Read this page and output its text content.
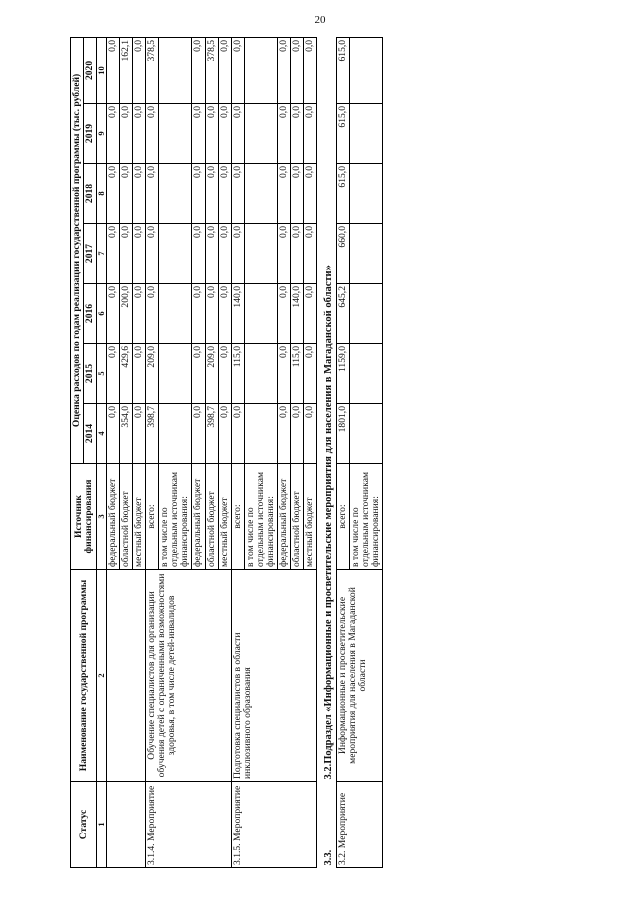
20
Статус	Наименование государственной программы	Источник финансирования	Оценка расходов по годам реализации государственной программы (тыс. рублей)						
			2014	2015	2016	2017	2018	2019	2020
1	2	3	4	5	6	7	8	9	10
		федеральный бюджет	0,0	0,0	0,0	0,0	0,0	0,0	0,0
		областной бюджет	354,0	429,6	200,0	0,0	0,0	0,0	162,1
		местный бюджет	0,0	0,0	0,0	0,0	0,0	0,0	0,0
3.1.4. Мероприятие	Обучение специалистов для организации обучения детей с ограниченными возможностями здоровья, в том числе детей-инвалидов	всего:	398,7	209,0	0,0	0,0	0,0	0,0	378,5
		в том числе по отдельным источникам финансирования:							
		федеральный бюджет	0,0	0,0	0,0	0,0	0,0	0,0	0,0
		областной бюджет	398,7	209,0	0,0	0,0	0,0	0,0	378,5
		местный бюджет	0,0	0,0	0,0	0,0	0,0	0,0	0,0
3.1.5. Мероприятие	Подготовка специалистов в области инклюзивного образования	всего:	0,0	115,0	140,0	0,0	0,0	0,0	0,0
		в том числе по отдельным источникам финансирования:							
		федеральный бюджет	0,0	0,0	0,0	0,0	0,0	0,0	0,0
		областной бюджет	0,0	115,0	140,0	0,0	0,0	0,0	0,0
		местный бюджет	0,0	0,0	0,0	0,0	0,0	0,0	0,0
3.3.	3.2.Подраздел «Информационные и просветительские мероприятия для населения в Магаданской области»								
3.2. Мероприятие	Информационные и просветительские мероприятия для населения в Магаданской области	всего:	1801,0	1159,0	645,2	660,0	615,0	615,0	615,0
		в том числе по отдельным источникам финансирования:							
